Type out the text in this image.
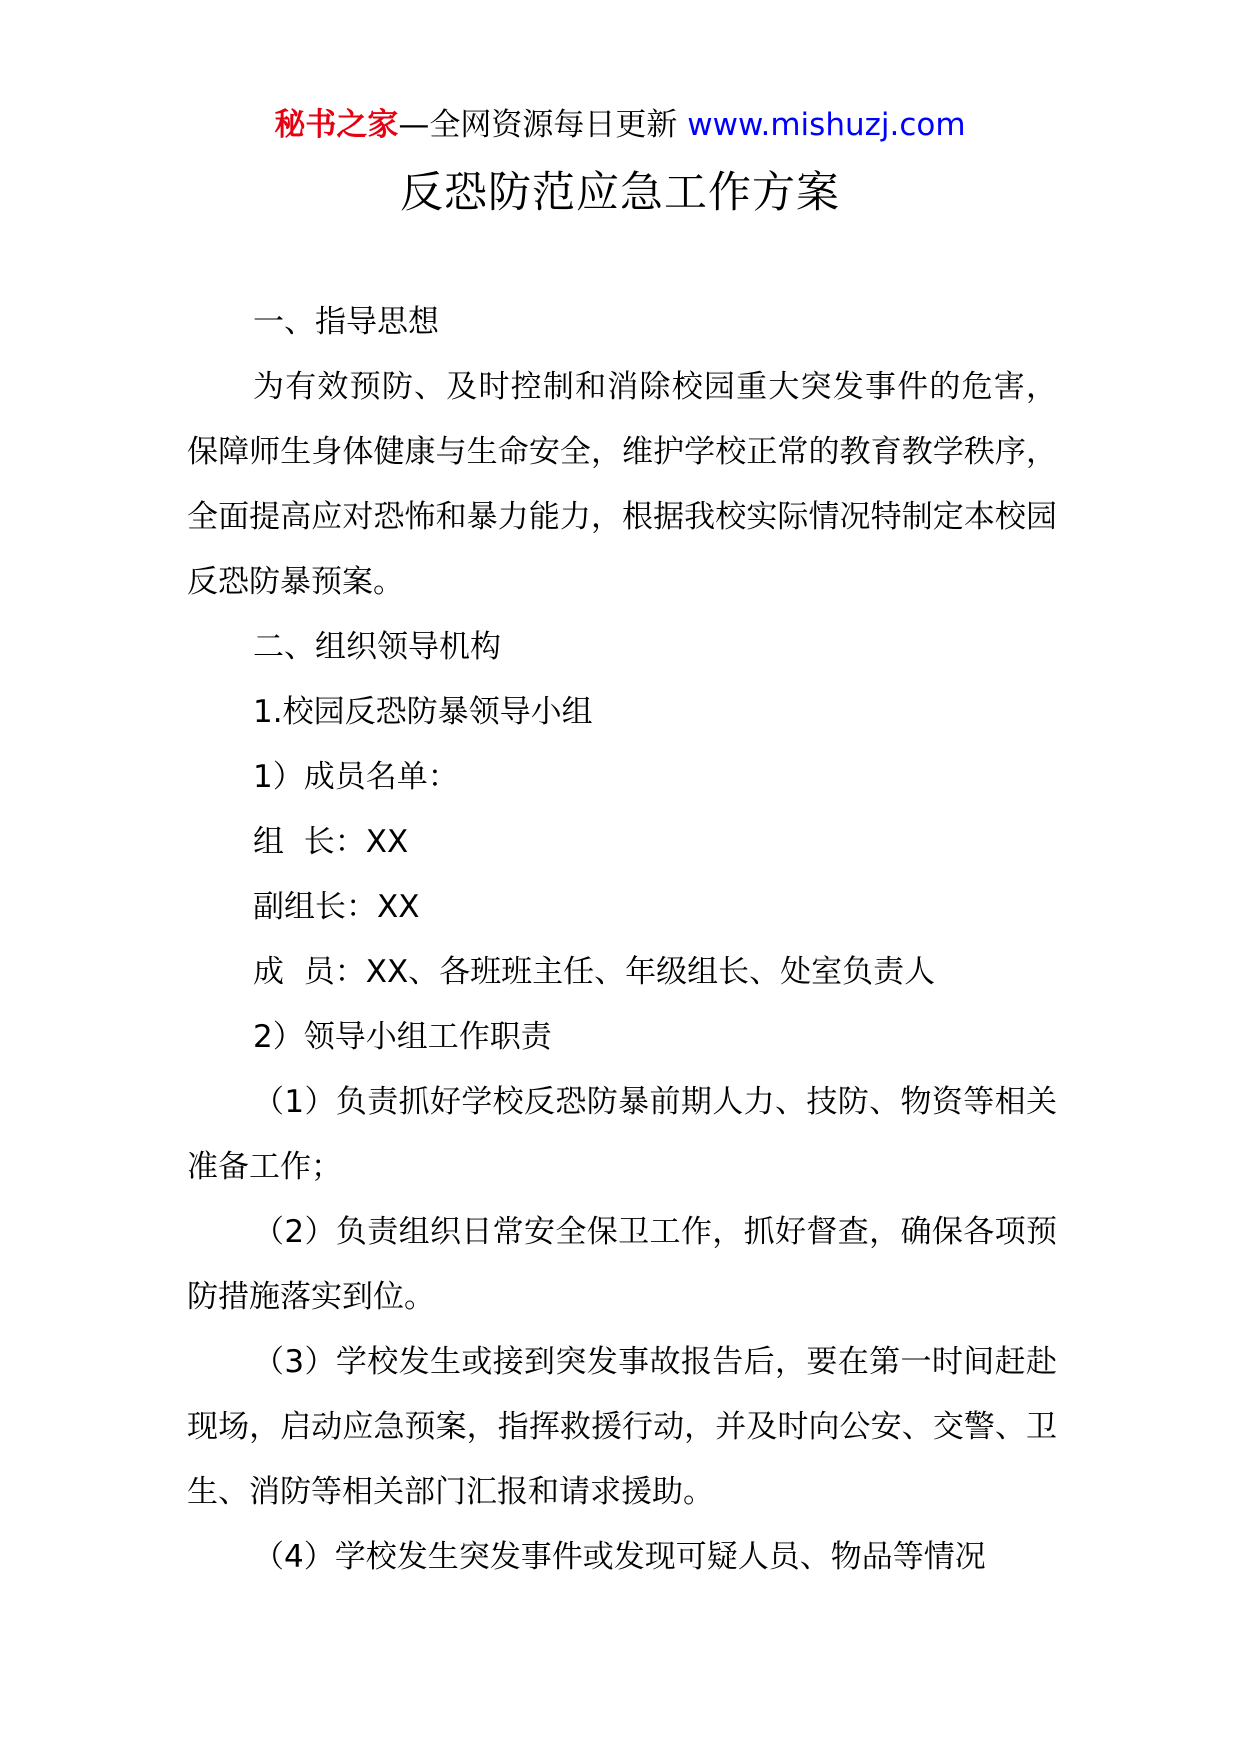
秘书之家—全网资源每日更新 www.mishuzj.com
反恐防范应急工作方案

一、指导思想

为有效预防、及时控制和消除校园重大突发事件的危害，保障师生身体健康与生命安全，维护学校正常的教育教学秩序，全面提高应对恐怖和暴力能力，根据我校实际情况特制定本校园反恐防暴预案。

二、组织领导机构

1.校园反恐防暴领导小组

1）成员名单：

组  长：XX

副组长：XX

成  员：XX、各班班主任、年级组长、处室负责人

2）领导小组工作职责

（1）负责抓好学校反恐防暴前期人力、技防、物资等相关准备工作；

（2）负责组织日常安全保卫工作，抓好督查，确保各项预防措施落实到位。

（3）学校发生或接到突发事故报告后，要在第一时间赶赴现场，启动应急预案，指挥救援行动，并及时向公安、交警、卫生、消防等相关部门汇报和请求援助。

（4）学校发生突发事件或发现可疑人员、物品等情况
